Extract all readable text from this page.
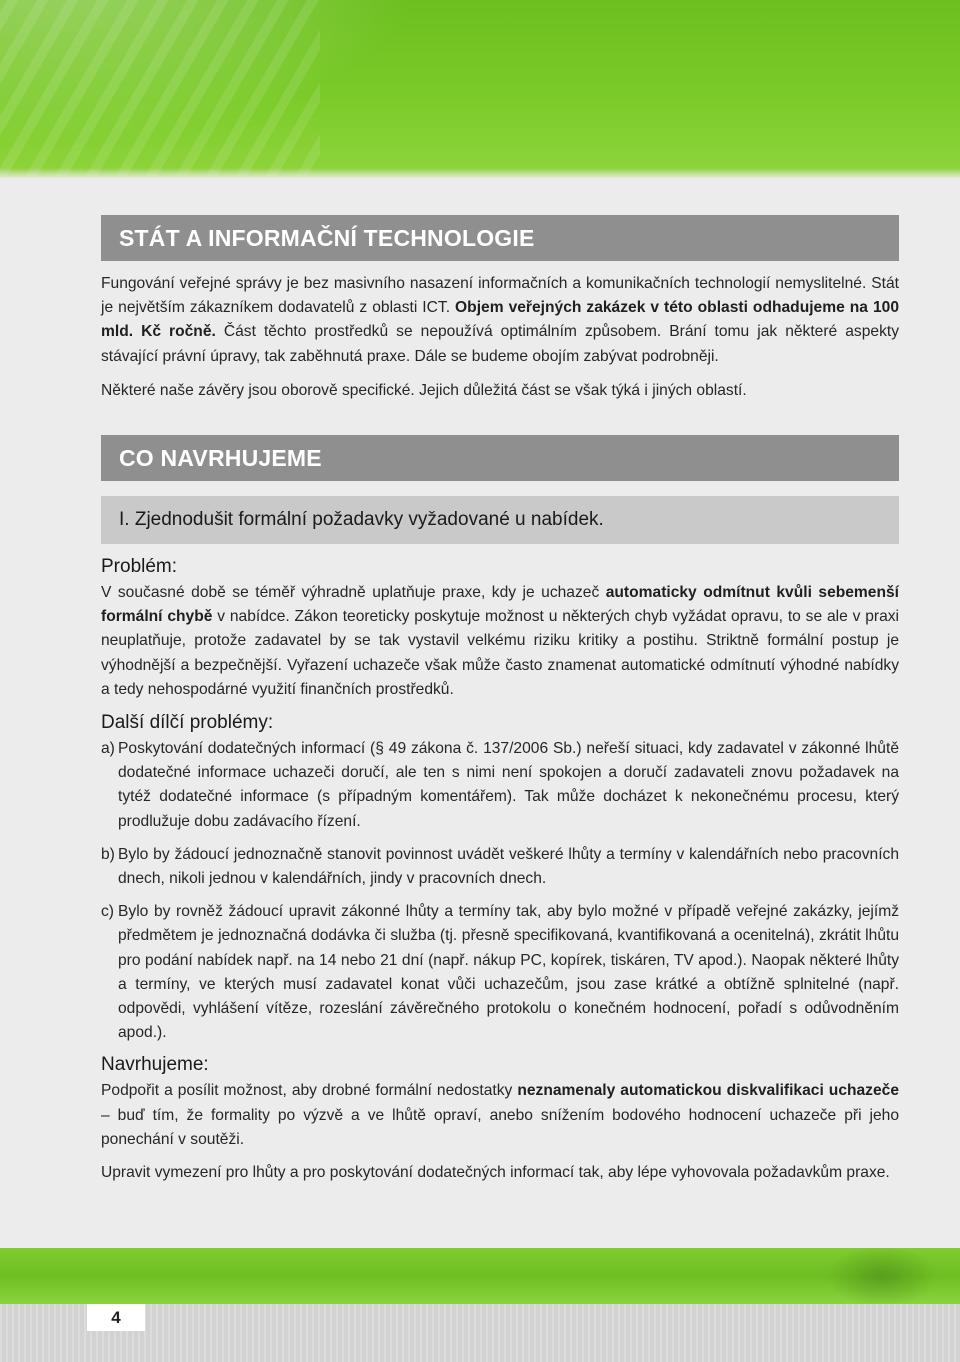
STÁT A INFORMAČNÍ TECHNOLOGIE

Fungování veřejné správy je bez masivního nasazení informačních a komunikačních technologií nemyslitelné. Stát je největším zákazníkem dodavatelů z oblasti ICT. Objem veřejných zakázek v této oblasti odhadujeme na 100 mld. Kč ročně. Část těchto prostředků se nepoužívá optimálním způsobem. Brání tomu jak některé aspekty stávající právní úpravy, tak zaběhnutá praxe. Dále se budeme obojím zabývat podrobněji.

Některé naše závěry jsou oborově specifické. Jejich důležitá část se však týká i jiných oblastí.

CO NAVRHUJEME
I. Zjednodušit formální požadavky vyžadované u nabídek.
Problém:

V současné době se téměř výhradně uplatňuje praxe, kdy je uchazeč automaticky odmítnut kvůli sebemenší formální chybě v nabídce. Zákon teoreticky poskytuje možnost u některých chyb vyžádat opravu, to se ale v praxi neuplatňuje, protože zadavatel by se tak vystavil velkému riziku kritiky a postihu. Striktně formální postup je výhodnější a bezpečnější. Vyřazení uchazeče však může často znamenat automatické odmítnutí výhodné nabídky a tedy nehospodárné využití finančních prostředků.

Další dílčí problémy:
a) Poskytování dodatečných informací (§ 49 zákona č. 137/2006 Sb.) neřeší situaci, kdy zadavatel v zákonné lhůtě dodatečné informace uchazeči doručí, ale ten s nimi není spokojen a doručí zadavateli znovu požadavek na tytéž dodatečné informace (s případným komentářem). Tak může docházet k nekonečnému procesu, který prodlužuje dobu zadávacího řízení.
b) Bylo by žádoucí jednoznačně stanovit povinnost uvádět veškeré lhůty a termíny v kalendářních nebo pracovních dnech, nikoli jednou v kalendářních, jindy v pracovních dnech.
c) Bylo by rovněž žádoucí upravit zákonné lhůty a termíny tak, aby bylo možné v případě veřejné zakázky, jejímž předmětem je jednoznačná dodávka či služba (tj. přesně specifikovaná, kvantifikovaná a ocenitelná), zkrátit lhůtu pro podání nabídek např. na 14 nebo 21 dní (např. nákup PC, kopírek, tiskáren, TV apod.). Naopak některé lhůty a termíny, ve kterých musí zadavatel konat vůči uchazečům, jsou zase krátké a obtížně splnitelné (např. odpovědi, vyhlášení vítěze, rozeslání závěrečného protokolu o konečném hodnocení, pořadí s odůvodněním apod.).
Navrhujeme:

Podpořit a posílit možnost, aby drobné formální nedostatky neznamenaly automatickou diskvalifikaci uchazeče – buď tím, že formality po výzvě a ve lhůtě opraví, anebo snížením bodového hodnocení uchazeče při jeho ponechání v soutěži.

Upravit vymezení pro lhůty a pro poskytování dodatečných informací tak, aby lépe vyhovovala požadavkům praxe.

4
